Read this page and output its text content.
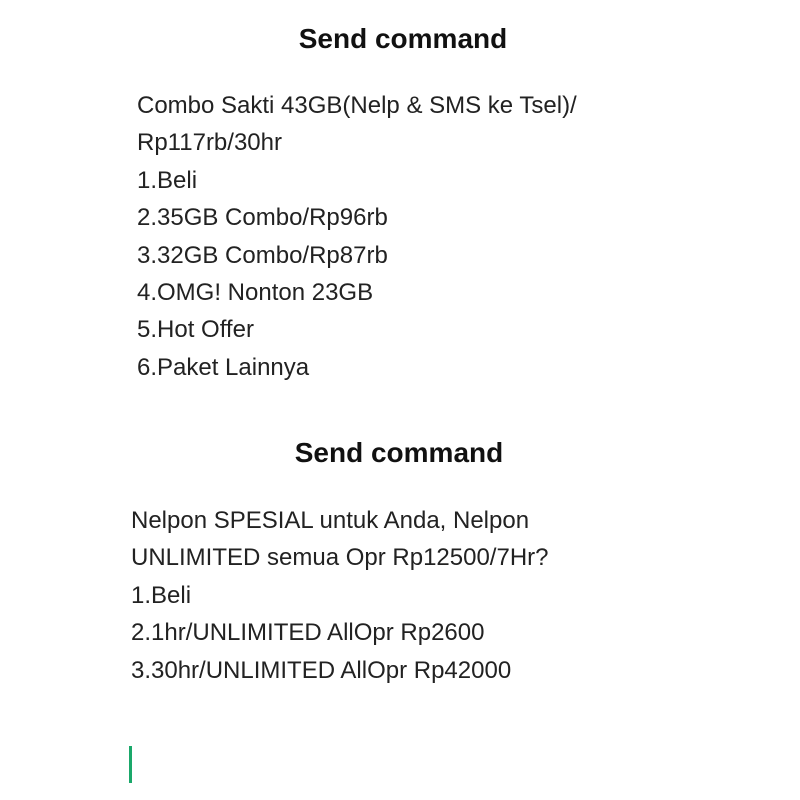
Send command
Combo Sakti 43GB(Nelp & SMS ke Tsel)/
Rp117rb/30hr
1.Beli
2.35GB Combo/Rp96rb
3.32GB Combo/Rp87rb
4.OMG! Nonton 23GB
5.Hot Offer
6.Paket Lainnya
Send command
Nelpon SPESIAL untuk Anda, Nelpon
UNLIMITED semua Opr Rp12500/7Hr?
1.Beli
2.1hr/UNLIMITED AllOpr Rp2600
3.30hr/UNLIMITED AllOpr Rp42000
